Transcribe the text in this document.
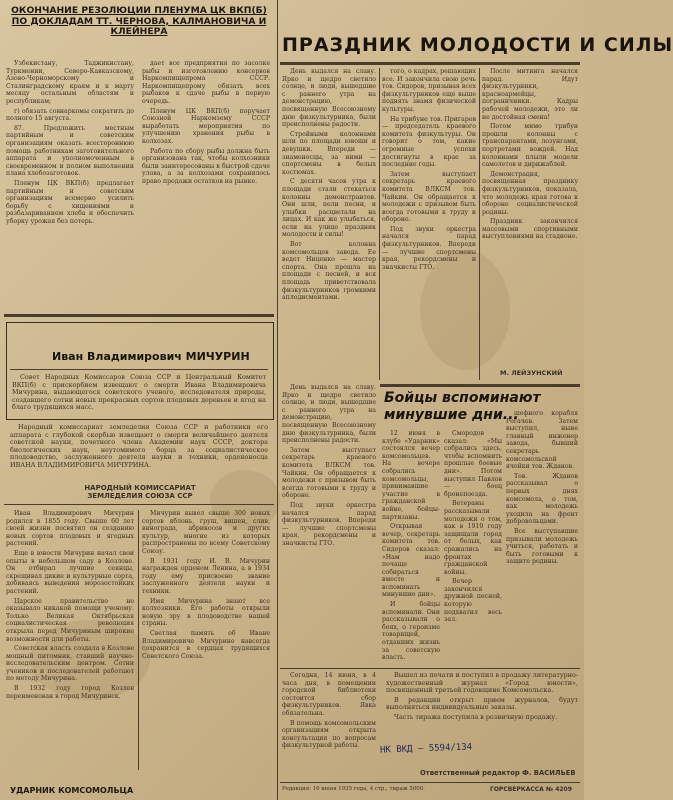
ОКОНЧАНИЕ РЕЗОЛЮЦИИ ПЛЕНУМА ЦК ВКП(Б) ПО ДОКЛАДАМ ТТ. ЧЕРНОВА, КАЛМАНОВИЧА И КЛЕЙНЕРА

Узбекистану, Таджикистану, Туркмении, Северо-Кавказскому, Азово-Черноморскому и Сталинградскому краям и к марту месяцу остальным областям и республикам;

г) обязать совнаркомы сократить до полного 15 августа.

87. Предложить местным партийным и советским организациям оказать всестороннюю помощь работникам заготовительного аппарата и уполномоченным в своевременном и полном выполнении плана хлебозаготовок.

Пленум ЦК ВКП(б) предлагает партийным и советским организациям всемерно усилить борьбу с хищениями и разбазариванием хлеба и обеспечить уборку урожая без потерь.

дает все предприятия по засолке рыбы и изготовлению консервов Наркомпищепрома СССР. Наркомпищепрому обязать всех рыбаков к сдаче рыбы в первую очередь.

Пленум ЦК ВКП(б) поручает Союзной Наркомзему СССР выработать мероприятия по улучшению хранения рыбы в колхозах.

Работа по сбору рыбы должна быть организована так, чтобы колхозники были заинтересованы в быстрой сдаче улова, а за колхозами сохранилось право продажи остатков на рынке.

Иван Владимирович МИЧУРИН

Совет Народных Комиссаров Союза ССР и Центральный Комитет ВКП(б) с прискорбием извещают о смерти Ивана Владимировича Мичурина, выдающегося советского ученого, исследователя природы, создавшего сотни новых прекрасных сортов плодовых деревьев и ягод на благо трудящихся масс.

Народный комиссариат земледелия Союза ССР и работники его аппарата с глубокой скорбью извещают о смерти величайшего деятеля советской науки, почетного члена Академии наук СССР, доктора биологических наук, неутомимого борца за социалистическое плодоводство, заслуженного деятеля науки и техники, орденоносца ИВАНА ВЛАДИМИРОВИЧА МИЧУРИНА.

НАРОДНЫЙ КОМИССАРИАТ ЗЕМЛЕДЕЛИЯ СОЮЗА ССР

Иван Владимирович Мичурин родился в 1855 году. Свыше 60 лет своей жизни посвятил он созданию новых сортов плодовых и ягодных растений.

Еще в юности Мичурин начал свои опыты в небольшом саду в Козлове. Он отбирал лучшие сеянцы, скрещивал дикие и культурные сорта, добиваясь выведения морозостойких растений.

Царское правительство не оказывало никакой помощи ученому. Только Великая Октябрьская социалистическая революция открыла перед Мичуриным широкие возможности для работы.

Советская власть создала в Козлове мощный питомник, ставший научно-исследовательским центром. Сотни учеников и последователей работают по методу Мичурина.

В 1932 году город Козлов переименован в город Мичуринск.

Мичурин вывел свыше 300 новых сортов яблонь, груш, вишен, слив, винограда, абрикосов и других культур, многие из которых распространены по всему Советскому Союзу.

В 1931 году И. В. Мичурин награжден орденом Ленина, а в 1934 году ему присвоено звание заслуженного деятеля науки и техники.

Имя Мичурина знают все колхозники. Его работы открыли новую эру в плодоводстве нашей страны.

Светлая память об Иване Владимировиче Мичурине навсегда сохранится в сердцах трудящихся Советского Союза.

УДАРНИК КОМСОМОЛЬЦА
ПРАЗДНИК МОЛОДОСТИ И СИЛЫ

День выдался на славу. Ярко и щедро светило солнце, и люди, вышедшие с раннего утра на демонстрацию, посвященную Всесоюзному дню физкультурника, были преисполнены радости.

Стройными колоннами шли по площади юноши и девушки. Впереди — знаменосцы, за ними — спортсмены в белых костюмах.

С десяти часов утра к площади стали стекаться колонны демонстрантов. Они шли, пели песни, и улыбки расцветали на лицах. И как же улыбаться, если на улице праздник молодости и силы!

Вот колонна комсомольцев завода. Ее ведет Ниценко — мастер спорта. Она прошла на площади с песней, и вся площадь приветствовала физкультурников громкими аплодисментами.

того, о кадрах, решающих все. И закончила свою речь тов. Сидоров, призывая всех физкультурников еще выше поднять знамя физической культуры.

На трибуне тов. Пригаров — председатель краевого комитета физкультуры. Он говорит о том, какие огромные успехи достигнуты в крае за последние годы.

Затем выступает секретарь краевого комитета ВЛКСМ тов. Чайкин. Он обращается к молодежи с призывом быть всегда готовыми к труду и обороне.

Под звуки оркестра начался парад физкультурников. Впереди — лучшие спортсмены края, рекордсмены и значкисты ГТО.

После митинга начался парад. Идут физкультурники, красноармейцы, пограничники. Кадры рабочей молодежи, это ли не достойная смена!

Потом мимо трибун прошли колонны с транспарантами, лозунгами, портретами вождей. Над колоннами плыли модели самолетов и дирижаблей.

Демонстрация, посвященная празднику физкультурников, показала, что молодежь края готова к обороне социалистической родины.

Праздник закончился массовыми спортивными выступлениями на стадионе.

М. ЛЕЙЗУНСКИЙ
Бойцы вспоминают минувшие дни...

12 июня в клубе «Ударник» состоялся вечер комсомольцев. На вечере собрались комсомольцы, принимавшие участие в гражданской войне, бойцы-партизаны.

Открывая вечер, секретарь комитета тов. Сидоров сказал: «Нам надо почаще собираться вместе и вспоминать минувшие дни».

И бойцы вспоминали. Они рассказывали о боях, о героизме товарищей, отдавших жизнь за советскую власть.

Смородов сказал: «Мы собрались здесь, чтобы вспомнить прошлые боевые дни». Потом выступил Павлов — боец бронепоезда.

Ветераны рассказывали молодежи о том, как в 1919 году защищали город от белых, как сражались на фронтах гражданской войны.

Вечер закончился дружной песней, которую подхватил весь зал.

шефного корабля Рогачев. Затем выступил, ныне главный инженер завода, бывший секретарь комсомольской ячейки тов. Жданов.

Тов. Жданов рассказывал о первых днях комсомола, о том, как молодежь уходила на фронт добровольцами.

Все выступавшие призывали молодежь учиться, работать и быть готовыми к защите родины.

День выдался на славу. Ярко и щедро светило солнце, и люди, вышедшие с раннего утра на демонстрацию, посвященную Всесоюзному дню физкультурника, были преисполнены радости.

Затем выступает секретарь краевого комитета ВЛКСМ тов. Чайкин. Он обращается к молодежи с призывом быть всегда готовыми к труду и обороне.

Под звуки оркестра начался парад физкультурников. Впереди — лучшие спортсмены края, рекордсмены и значкисты ГТО.

Сегодня, 14 июня, в 4 часа дня, в помещении городской библиотеки состоится сбор физкультурников. Явка обязательна.

В помощь комсомольским организациям открыта консультация по вопросам физкультурной работы.

Вышел из печати и поступил в продажу литературно-художественный журнал «Город юности», посвященный третьей годовщине Комсомольска.

В редакции открыт прием журналов, будут выполняться индивидуальные заказы.

Часть тиража поступила в розничную продажу.

НК ВКД — 5594/134
Ответственный редактор Ф. ВАСИЛЬЕВ
Редакция: 16 июня 1935 года, 4 стр., тираж 5000.	ГОРСВЕРКАССА № 4209
